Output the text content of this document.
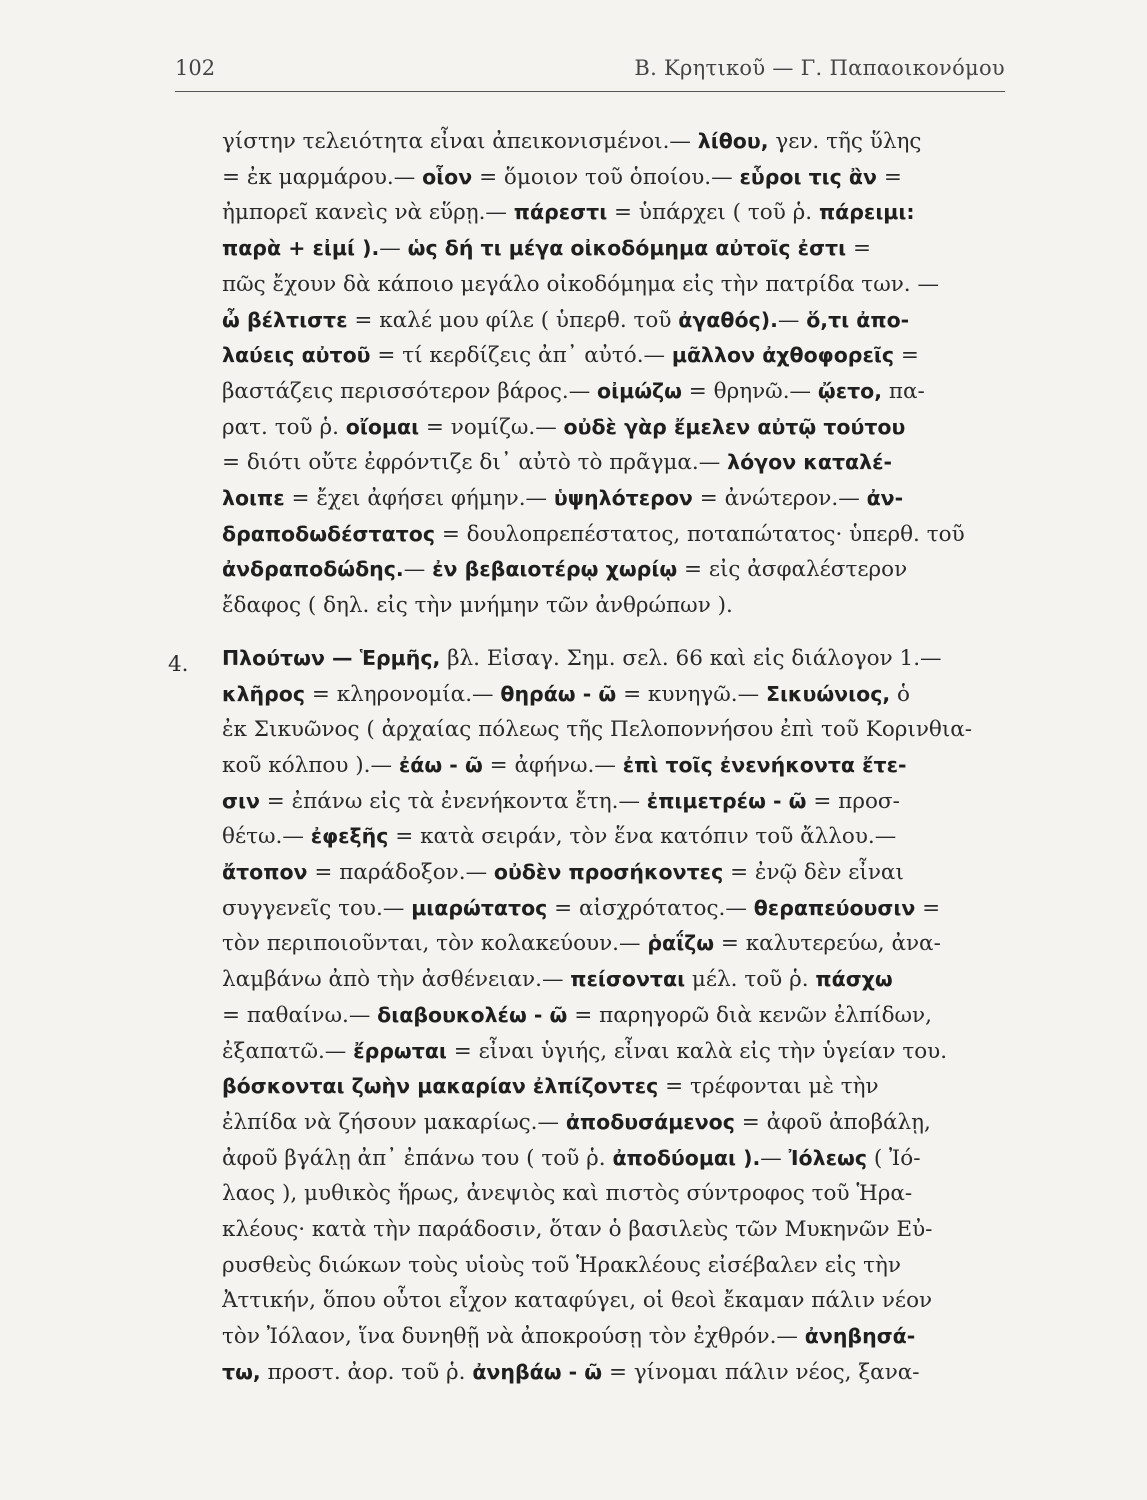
102	Β. Κρητικοῦ — Γ. Παπαοικονόμου
4.
γίστην τελειότητα εἶναι ἀπεικονισμένοι.— λίθου, γεν. τῆς ὕλης
= ἐκ μαρμάρου.— οἷον = ὅμοιον τοῦ ὁποίου.— εὗροι τις ἂν =
ἠμπορεῖ κανεὶς νὰ εὕρῃ.— πάρεστι = ὑπάρχει ( τοῦ ῥ. πάρειμι:
παρὰ + εἰμί ).— ὡς δή τι μέγα οἰκοδόμημα αὐτοῖς ἐστι =
πῶς ἔχουν δὰ κάποιο μεγάλο οἰκοδόμημα εἰς τὴν πατρίδα των. —
ὦ βέλτιστε = καλέ μου φίλε ( ὑπερθ. τοῦ ἀγαθός).— ὅ,τι ἀπο-
λαύεις αὐτοῦ = τί κερδίζεις ἀπ᾽ αὐτό.— μᾶλλον ἀχθοφορεῖς =
βαστάζεις περισσότερον βάρος.— οἰμώζω = θρηνῶ.— ᾤετο, πα-
ρατ. τοῦ ῥ. οἴομαι = νομίζω.— οὐδὲ γὰρ ἔμελεν αὐτῷ τούτου
= διότι οὔτε ἐφρόντιζε δι᾽ αὐτὸ τὸ πρᾶγμα.— λόγον καταλέ-
λοιπε = ἔχει ἀφήσει φήμην.— ὑψηλότερον = ἀνώτερον.— ἀν-
δραποδωδέστατος = δουλοπρεπέστατος, ποταπώτατος· ὑπερθ. τοῦ
ἀνδραποδώδης.— ἐν βεβαιοτέρῳ χωρίῳ = εἰς ἀσφαλέστερον
ἔδαφος ( δηλ. εἰς τὴν μνήμην τῶν ἀνθρώπων ).
Πλούτων — Ἑρμῆς, βλ. Εἰσαγ. Σημ. σελ. 66 καὶ εἰς διάλογον 1.—
κλῆρος = κληρονομία.— θηράω - ῶ = κυνηγῶ.— Σικυώνιος, ὁ
ἐκ Σικυῶνος ( ἀρχαίας πόλεως τῆς Πελοποννήσου ἐπὶ τοῦ Κορινθια-
κοῦ κόλπου ).— ἐάω - ῶ = ἀφήνω.— ἐπὶ τοῖς ἐνενήκοντα ἔτε-
σιν = ἐπάνω εἰς τὰ ἐνενήκοντα ἔτη.— ἐπιμετρέω - ῶ = προσ-
θέτω.— ἐφεξῆς = κατὰ σειράν, τὸν ἕνα κατόπιν τοῦ ἄλλου.—
ἄτοπον = παράδοξον.— οὐδὲν προσήκοντες = ἐνῷ δὲν εἶναι
συγγενεῖς του.— μιαρώτατος = αἰσχρότατος.— θεραπεύουσιν =
τὸν περιποιοῦνται, τὸν κολακεύουν.— ῥαΐζω = καλυτερεύω, ἀνα-
λαμβάνω ἀπὸ τὴν ἀσθένειαν.— πείσονται μέλ. τοῦ ῥ. πάσχω
= παθαίνω.— διαβουκολέω - ῶ = παρηγορῶ διὰ κενῶν ἐλπίδων,
ἐξαπατῶ.— ἔρρωται = εἶναι ὑγιής, εἶναι καλὰ εἰς τὴν ὑγείαν του.
βόσκονται ζωὴν μακαρίαν ἐλπίζοντες = τρέφονται μὲ τὴν
ἐλπίδα νὰ ζήσουν μακαρίως.— ἀποδυσάμενος = ἀφοῦ ἀποβάλῃ,
ἀφοῦ βγάλῃ ἀπ᾽ ἐπάνω του ( τοῦ ῥ. ἀποδύομαι ).— Ἰόλεως ( Ἰό-
λαος ), μυθικὸς ἥρως, ἀνεψιὸς καὶ πιστὸς σύντροφος τοῦ Ἡρα-
κλέους· κατὰ τὴν παράδοσιν, ὅταν ὁ βασιλεὺς τῶν Μυκηνῶν Εὐ-
ρυσθεὺς διώκων τοὺς υἱοὺς τοῦ Ἡρακλέους εἰσέβαλεν εἰς τὴν
Ἀττικήν, ὅπου οὗτοι εἶχον καταφύγει, οἱ θεοὶ ἔκαμαν πάλιν νέον
τὸν Ἰόλαον, ἵνα δυνηθῇ νὰ ἀποκρούσῃ τὸν ἐχθρόν.— ἀνηβησά-
τω, προστ. ἀορ. τοῦ ῥ. ἀνηβάω - ῶ = γίνομαι πάλιν νέος, ξανα-
